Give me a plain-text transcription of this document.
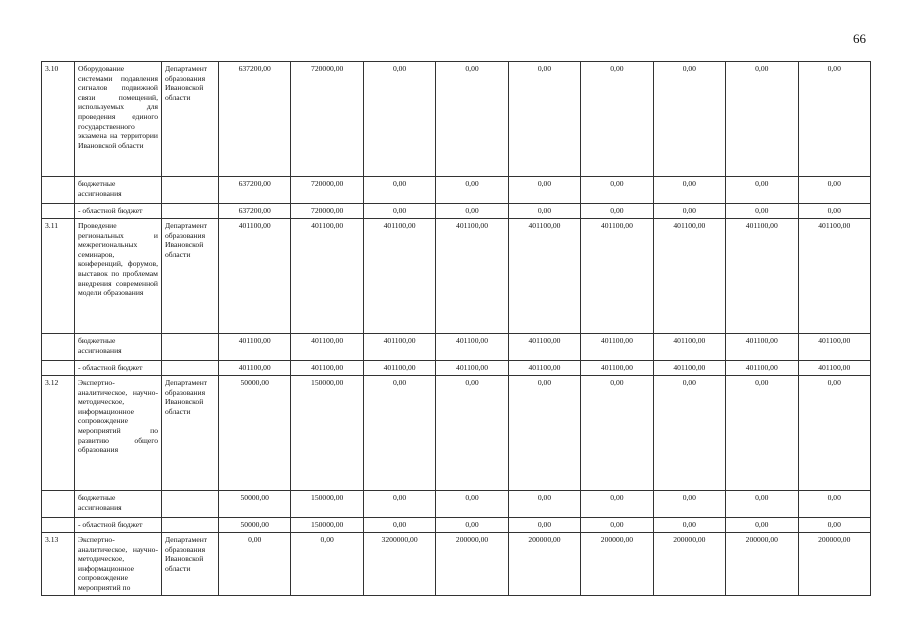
66
3.10	Оборудование системами подавления сигналов подвижной связи помещений, используемых для проведения единого государственного экзамена на территории Ивановской области	Департамент образования Ивановской области	637200,00	720000,00	0,00	0,00	0,00	0,00	0,00	0,00	0,00
	бюджетные ассигнования		637200,00	720000,00	0,00	0,00	0,00	0,00	0,00	0,00	0,00
	- областной бюджет		637200,00	720000,00	0,00	0,00	0,00	0,00	0,00	0,00	0,00
3.11	Проведение региональных и межрегиональных семинаров, конференций, форумов, выставок по проблемам внедрения современной модели образования	Департамент образования Ивановской области	401100,00	401100,00	401100,00	401100,00	401100,00	401100,00	401100,00	401100,00	401100,00
	бюджетные ассигнования		401100,00	401100,00	401100,00	401100,00	401100,00	401100,00	401100,00	401100,00	401100,00
	- областной бюджет		401100,00	401100,00	401100,00	401100,00	401100,00	401100,00	401100,00	401100,00	401100,00
3.12	Экспертно-аналитическое, научно-методическое, информационное сопровождение мероприятий по развитию общего образования	Департамент образования Ивановской области	50000,00	150000,00	0,00	0,00	0,00	0,00	0,00	0,00	0,00
	бюджетные ассигнования		50000,00	150000,00	0,00	0,00	0,00	0,00	0,00	0,00	0,00
	- областной бюджет		50000,00	150000,00	0,00	0,00	0,00	0,00	0,00	0,00	0,00
3.13	Экспертно-аналитическое, научно-методическое, информационное сопровождение мероприятий по	Департамент образования Ивановской области	0,00	0,00	3200000,00	200000,00	200000,00	200000,00	200000,00	200000,00	200000,00
